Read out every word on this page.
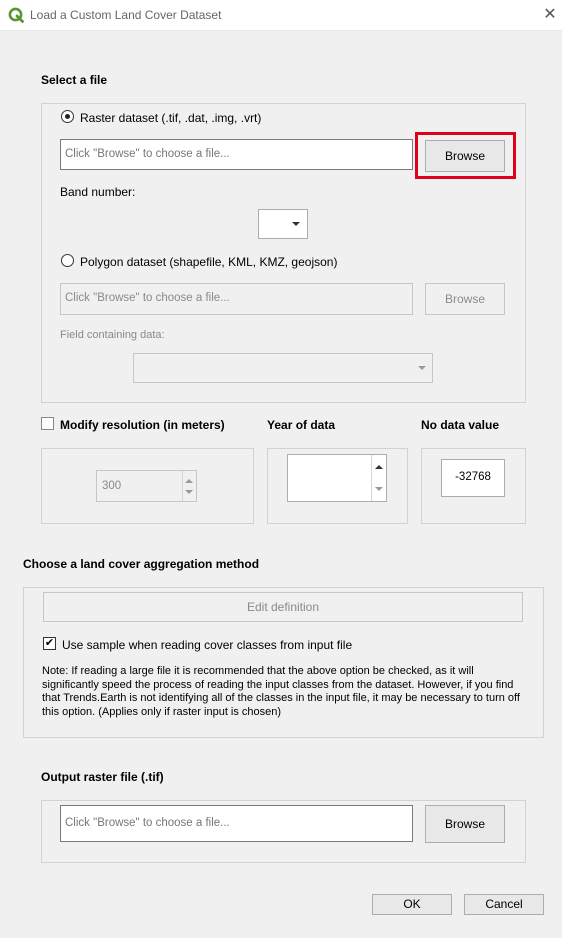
Load a Custom Land Cover Dataset	✕
Select a file
Raster dataset (.tif, .dat, .img, .vrt)
Click "Browse" to choose a file...	Browse
Band number:
Polygon dataset (shapefile, KML, KMZ, geojson)
Click "Browse" to choose a file...	Browse
Field containing data:
Modify resolution (in meters)	Year of data	No data value
300
-32768
Choose a land cover aggregation method
Edit definition
✔ Use sample when reading cover classes from input file
Note: If reading a large file it is recommended that the above option be checked, as it will significantly speed the process of reading the input classes from the dataset. However, if you find that Trends.Earth is not identifying all of the classes in the input file, it may be necessary to turn off this option. (Applies only if raster input is chosen)
Output raster file (.tif)
Click "Browse" to choose a file...	Browse
OK	Cancel
